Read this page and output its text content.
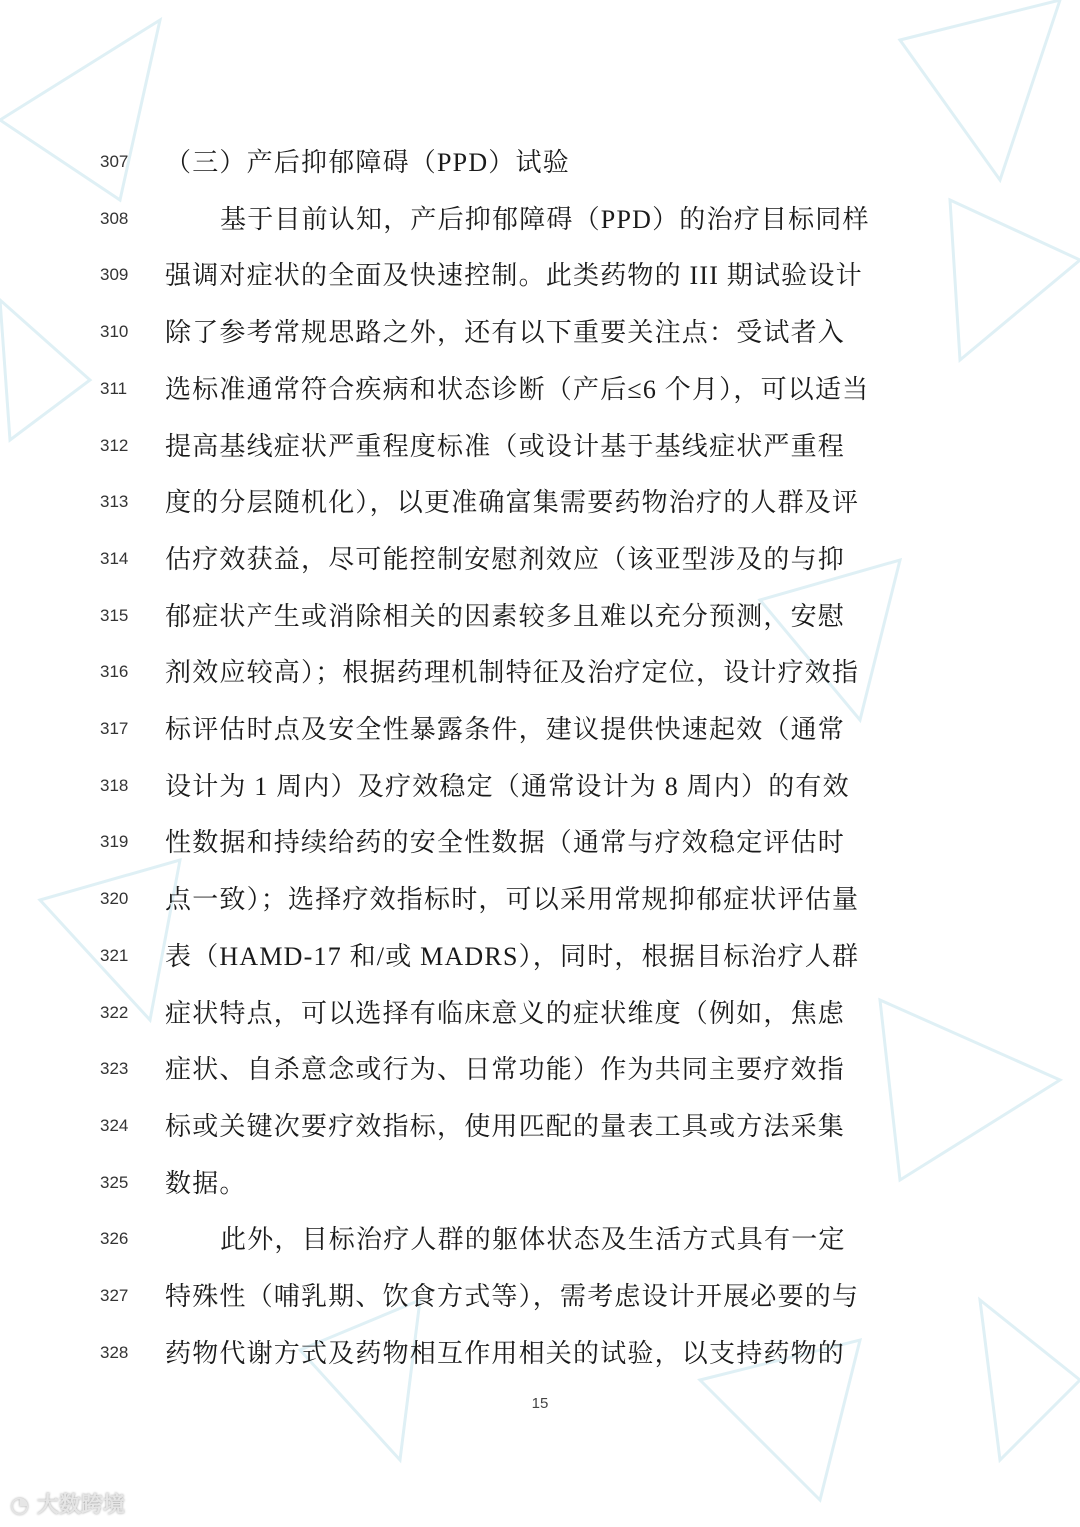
307	（三）产后抑郁障碍（PPD）试验
308	基于目前认知，产后抑郁障碍（PPD）的治疗目标同样
309	强调对症状的全面及快速控制。此类药物的 III 期试验设计
310	除了参考常规思路之外，还有以下重要关注点：受试者入
311	选标准通常符合疾病和状态诊断（产后≤6 个月），可以适当
312	提高基线症状严重程度标准（或设计基于基线症状严重程
313	度的分层随机化），以更准确富集需要药物治疗的人群及评
314	估疗效获益，尽可能控制安慰剂效应（该亚型涉及的与抑
315	郁症状产生或消除相关的因素较多且难以充分预测，安慰
316	剂效应较高）；根据药理机制特征及治疗定位，设计疗效指
317	标评估时点及安全性暴露条件，建议提供快速起效（通常
318	设计为 1 周内）及疗效稳定（通常设计为 8 周内）的有效
319	性数据和持续给药的安全性数据（通常与疗效稳定评估时
320	点一致）；选择疗效指标时，可以采用常规抑郁症状评估量
321	表（HAMD-17 和/或 MADRS），同时，根据目标治疗人群
322	症状特点，可以选择有临床意义的症状维度（例如，焦虑
323	症状、自杀意念或行为、日常功能）作为共同主要疗效指
324	标或关键次要疗效指标，使用匹配的量表工具或方法采集
325	数据。
326	此外，目标治疗人群的躯体状态及生活方式具有一定
327	特殊性（哺乳期、饮食方式等），需考虑设计开展必要的与
328	药物代谢方式及药物相互作用相关的试验，以支持药物的
15
◔ 大数跨境
